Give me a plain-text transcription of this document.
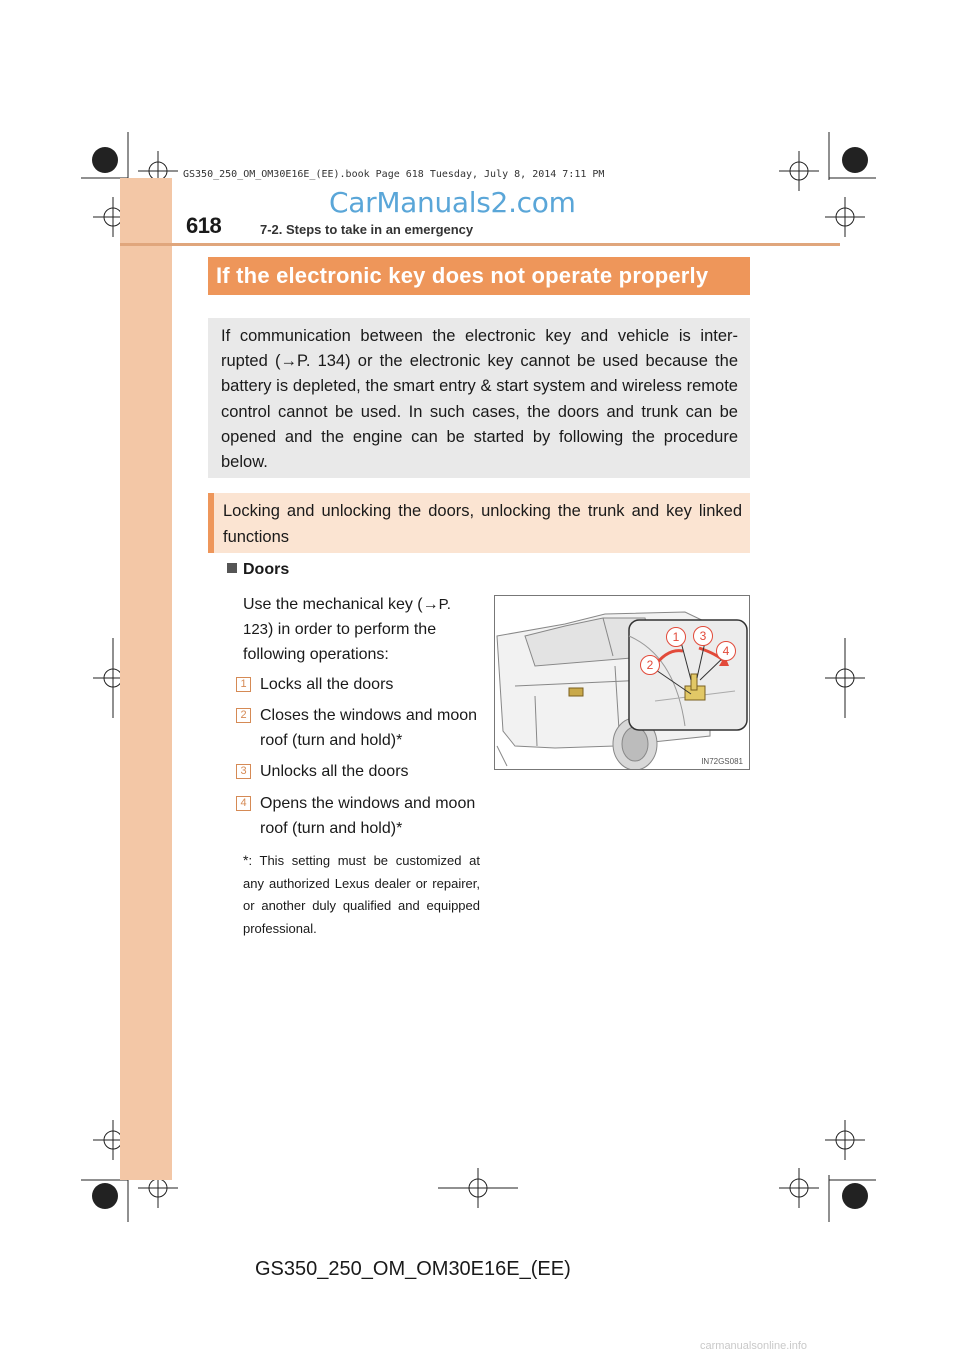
GS350_250_OM_OM30E16E_(EE).book Page 618 Tuesday, July 8, 2014 7:11 PM
CarManuals2.com
618	7-2. Steps to take in an emergency
If the electronic key does not operate properly
If communication between the electronic key and vehicle is inter-rupted (→P. 134) or the electronic key cannot be used because the battery is depleted, the smart entry & start system and wireless remote control cannot be used. In such cases, the doors and trunk can be opened and the engine can be started by following the procedure below.
Locking and unlocking the doors, unlocking the trunk and key linked functions
Doors
Use the mechanical key (→P. 123) in order to perform the following operations:
1 Locks all the doors
2 Closes the windows and moon roof (turn and hold)*
3 Unlocks all the doors
4 Opens the windows and moon roof (turn and hold)*
*: This setting must be customized at any authorized Lexus dealer or repairer, or another duly qualified and equipped professional.
1
2
3
4
IN72GS081
GS350_250_OM_OM30E16E_(EE)
carmanualsonline.info
